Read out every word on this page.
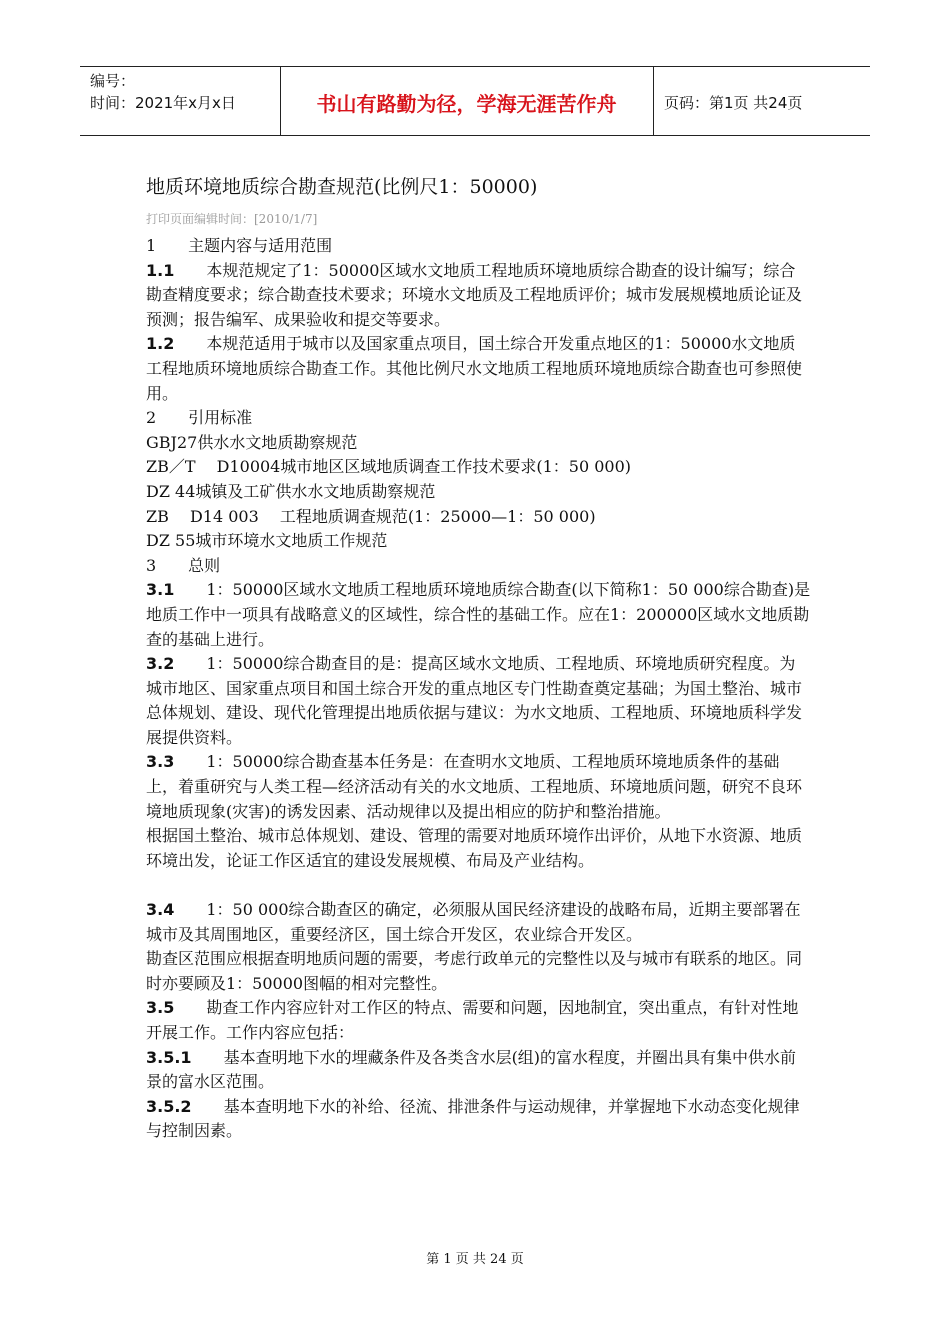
编号：
时间：2021年x月x日	书山有路勤为径，学海无涯苦作舟	页码：第1页 共24页
地质环境地质综合勘查规范(比例尺1：50000)
打印页面编辑时间：[2010/1/7]

1　　主题内容与适用范围

1.1　　本规范规定了1：50000区域水文地质工程地质环境地质综合勘查的设计编写；综合勘查精度要求；综合勘查技术要求；环境水文地质及工程地质评价；城市发展规模地质论证及预测；报告编军、成果验收和提交等要求。

1.2　　本规范适用于城市以及国家重点项目，国土综合开发重点地区的1：50000水文地质工程地质环境地质综合勘查工作。其他比例尺水文地质工程地质环境地质综合勘查也可参照使用。

2　　引用标准

GBJ27供水水文地质勘察规范

ZB／T　 D10004城市地区区域地质调查工作技术要求(1：50 000)

DZ 44城镇及工矿供水水文地质勘察规范

ZB　 D14 003　 工程地质调查规范(1：25000—1：50 000)

DZ 55城市环境水文地质工作规范

3　　总则

3.1　　1：50000区域水文地质工程地质环境地质综合勘查(以下简称1：50 000综合勘查)是地质工作中一项具有战略意义的区域性，综合性的基础工作。应在1：200000区域水文地质勘查的基础上进行。

3.2　　1：50000综合勘查目的是：提高区域水文地质、工程地质、环境地质研究程度。为城市地区、国家重点项目和国土综合开发的重点地区专门性勘查奠定基础；为国土整治、城市总体规划、建设、现代化管理提出地质依据与建议：为水文地质、工程地质、环境地质科学发展提供资料。

3.3　　1：50000综合勘查基本任务是：在查明水文地质、工程地质环境地质条件的基础上，着重研究与人类工程—经济活动有关的水文地质、工程地质、环境地质问题，研究不良环境地质现象(灾害)的诱发因素、活动规律以及提出相应的防护和整治措施。

根据国土整治、城市总体规划、建设、管理的需要对地质环境作出评价，从地下水资源、地质环境出发，论证工作区适宜的建设发展规模、布局及产业结构。

3.4　　1：50 000综合勘查区的确定，必须服从国民经济建设的战略布局，近期主要部署在城市及其周围地区，重要经济区，国土综合开发区，农业综合开发区。

勘查区范围应根据查明地质问题的需要，考虑行政单元的完整性以及与城市有联系的地区。同时亦要顾及1：50000图幅的相对完整性。

3.5　　勘查工作内容应针对工作区的特点、需要和问题，因地制宜，突出重点，有针对性地开展工作。工作内容应包括：

3.5.1　　基本查明地下水的埋藏条件及各类含水层(组)的富水程度，并圈出具有集中供水前景的富水区范围。

3.5.2　　基本查明地下水的补给、径流、排泄条件与运动规律，并掌握地下水动态变化规律与控制因素。

第 1 页 共 24 页
